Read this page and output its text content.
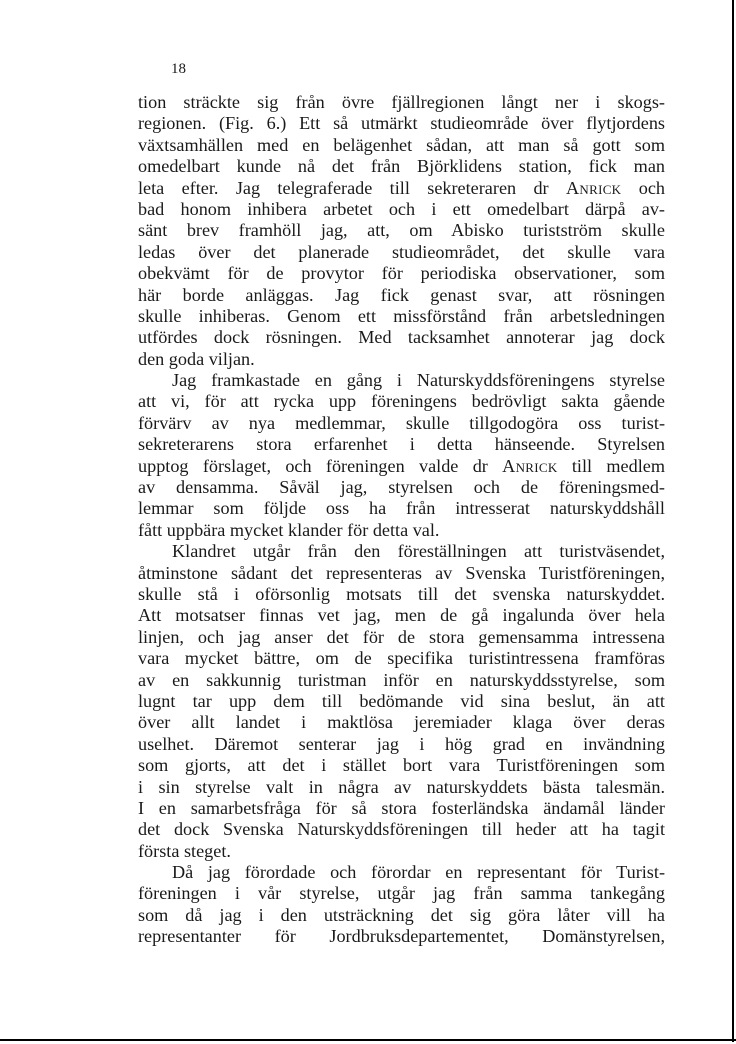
18
tion sträckte sig från övre fjällregionen långt ner i skogs-
regionen. (Fig. 6.) Ett så utmärkt studieområde över flytjordens
växtsamhällen med en belägenhet sådan, att man så gott som
omedelbart kunde nå det från Björklidens station, fick man
leta efter. Jag telegraferade till sekreteraren dr Anrick och
bad honom inhibera arbetet och i ett omedelbart därpå av-
sänt brev framhöll jag, att, om Abisko turistström skulle
ledas över det planerade studieområdet, det skulle vara
obekvämt för de provytor för periodiska observationer, som
här borde anläggas. Jag fick genast svar, att rösningen
skulle inhiberas. Genom ett missförstånd från arbetsledningen
utfördes dock rösningen. Med tacksamhet annoterar jag dock
den goda viljan.
Jag framkastade en gång i Naturskyddsföreningens styrelse
att vi, för att rycka upp föreningens bedrövligt sakta gående
förvärv av nya medlemmar, skulle tillgodogöra oss turist-
sekreterarens stora erfarenhet i detta hänseende. Styrelsen
upptog förslaget, och föreningen valde dr Anrick till medlem
av densamma. Såväl jag, styrelsen och de föreningsmed-
lemmar som följde oss ha från intresserat naturskyddshåll
fått uppbära mycket klander för detta val.
Klandret utgår från den föreställningen att turistväsendet,
åtminstone sådant det representeras av Svenska Turistföreningen,
skulle stå i oförsonlig motsats till det svenska naturskyddet.
Att motsatser finnas vet jag, men de gå ingalunda över hela
linjen, och jag anser det för de stora gemensamma intressena
vara mycket bättre, om de specifika turistintressena framföras
av en sakkunnig turistman inför en naturskyddsstyrelse, som
lugnt tar upp dem till bedömande vid sina beslut, än att
över allt landet i maktlösa jeremiader klaga över deras
uselhet. Däremot senterar jag i hög grad en invändning
som gjorts, att det i stället bort vara Turistföreningen som
i sin styrelse valt in några av naturskyddets bästa talesmän.
I en samarbetsfråga för så stora fosterländska ändamål länder
det dock Svenska Naturskyddsföreningen till heder att ha tagit
första steget.
Då jag förordade och förordar en representant för Turist-
föreningen i vår styrelse, utgår jag från samma tankegång
som då jag i den utsträckning det sig göra låter vill ha
representanter för Jordbruksdepartementet, Domänstyrelsen,
